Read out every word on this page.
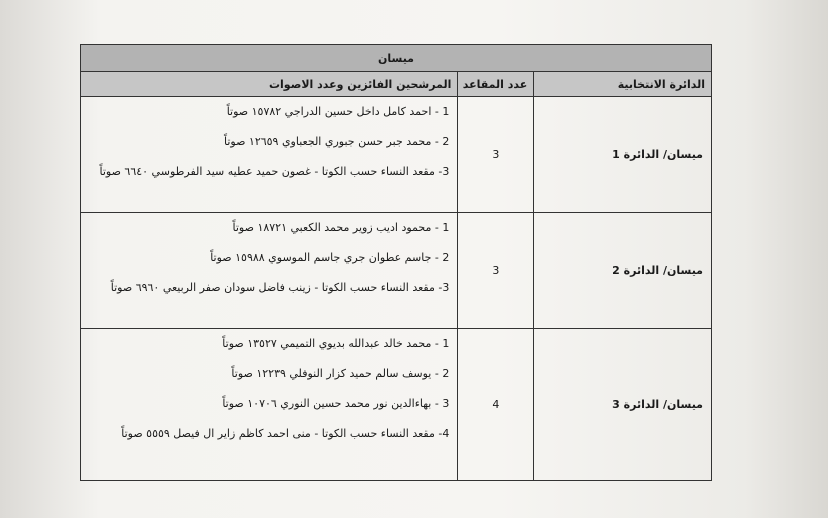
ميسان		
الدائرة الانتخابية	عدد المقاعد	المرشحين الفائزين وعدد الاصوات
ميسان/ الدائرة 1	3	1 - احمد كامل داخل حسين الدراجي ١٥٧٨٢ صوتاً
2 - محمد جبر حسن جبوري الجعباوي ١٢٦٥٩ صوتاً
3- مقعد النساء حسب الكوتا - غصون حميد عطيه سيد الفرطوسي ٦٦٤٠ صوتاً

ميسان/ الدائرة 2	3	1 - محمود اديب زوير محمد الكعبي ١٨٧٢١ صوتاً
2 - جاسم عطوان جري جاسم الموسوي ١٥٩٨٨ صوتاً
3- مقعد النساء حسب الكوتا - زينب فاضل سودان صفر الربيعي ٦٩٦٠ صوتاً

ميسان/ الدائرة 3	4	1 - محمد خالد عبدالله بديوي التميمي ١٣٥٢٧ صوتاً
2 - يوسف سالم حميد كزار النوفلي ١٢٢٣٩ صوتاً
3 - بهاءالدين نور محمد حسين النوري ١٠٧٠٦ صوتاً
4- مقعد النساء حسب الكوتا - منى احمد كاظم زاير ال فيصل ٥٥٥٩ صوتاً
